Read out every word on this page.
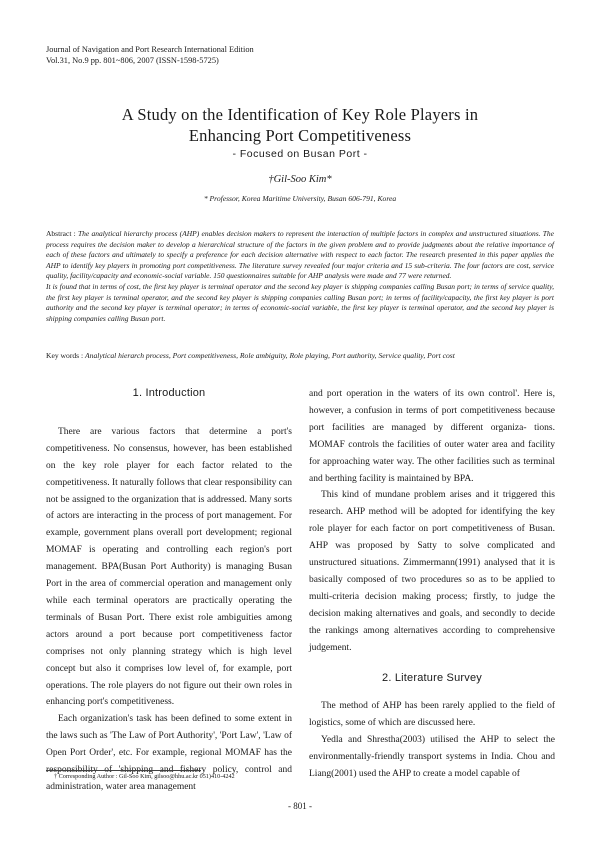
Journal of Navigation and Port Research International Edition
Vol.31, No.9 pp. 801~806, 2007 (ISSN-1598-5725)
A Study on the Identification of Key Role Players in
Enhancing Port Competitiveness
- Focused on Busan Port -
†Gil-Soo Kim*
* Professor, Korea Maritime University, Busan 606-791, Korea

Abstract : The analytical hierarchy process (AHP) enables decision makers to represent the interaction of multiple factors in complex and unstructured situations. The process requires the decision maker to develop a hierarchical structure of the factors in the given problem and to provide judgments about the relative importance of each of these factors and ultimately to specify a preference for each decision alternative with respect to each factor. The research presented in this paper applies the AHP to identify key players in promoting port competitiveness. The literature survey revealed four major criteria and 15 sub-criteria. The four factors are cost, service quality, facility/capacity and economic-social variable. 150 questionnaires suitable for AHP analysis were made and 77 were returned.

It is found that in terms of cost, the first key player is terminal operator and the second key player is shipping companies calling Busan port; in terms of service quality, the first key player is terminal operator, and the second key player is shipping companies calling Busan port; in terms of facility/capacity, the first key player is port authority and the second key player is terminal operator; in terms of economic-social variable, the first key player is terminal operator, and the second key player is shipping companies calling Busan port.

Key words : Analytical hierarch process, Port competitiveness, Role ambiguity, Role playing, Port authority, Service quality, Port cost

1. Introduction

There are various factors that determine a port's competitiveness. No consensus, however, has been established on the key role player for each factor related to the competitiveness. It naturally follows that clear responsibility can not be assigned to the organization that is addressed. Many sorts of actors are interacting in the process of port management. For example, government plans overall port development; regional MOMAF is operating and controlling each region's port management. BPA(Busan Port Authority) is managing Busan Port in the area of commercial operation and management only while each terminal operators are practically operating the terminals of Busan Port. There exist role ambiguities among actors around a port because port competitiveness factor comprises not only planning strategy which is high level concept but also it comprises low level of, for example, port operations. The role players do not figure out their own roles in enhancing port's competitiveness.

Each organization's task has been defined to some extent in the laws such as 'The Law of Port Authority', 'Port Law', 'Law of Open Port Order', etc. For example, regional MOMAF has the responsibility of 'shipping and fishery policy, control and administration, water area management

and port operation in the waters of its own control'. Here is, however, a confusion in terms of port competitiveness because port facilities are managed by different organiza- tions. MOMAF controls the facilities of outer water area and facility for approaching water way. The other facilities such as terminal and berthing facility is maintained by BPA.

This kind of mundane problem arises and it triggered this research. AHP method will be adopted for identifying the key role player for each factor on port competitiveness of Busan. AHP was proposed by Satty to solve complicated and unstructured situations. Zimmermann(1991) analysed that it is basically composed of two procedures so as to be applied to multi-criteria decision making process; firstly, to judge the decision making alternatives and goals, and secondly to decide the rankings among alternatives according to comprehensive judgement.

2. Literature Survey

The method of AHP has been rarely applied to the field of logistics, some of which are discussed here.

Yedla and Shrestha(2003) utilised the AHP to select the environmentally-friendly transport systems in India. Chou and Liang(2001) used the AHP to create a model capable of

† Corresponding Author : Gil-Soo Kim, gilsoo@hhu.ac.kr 051)410-4242
- 801 -
